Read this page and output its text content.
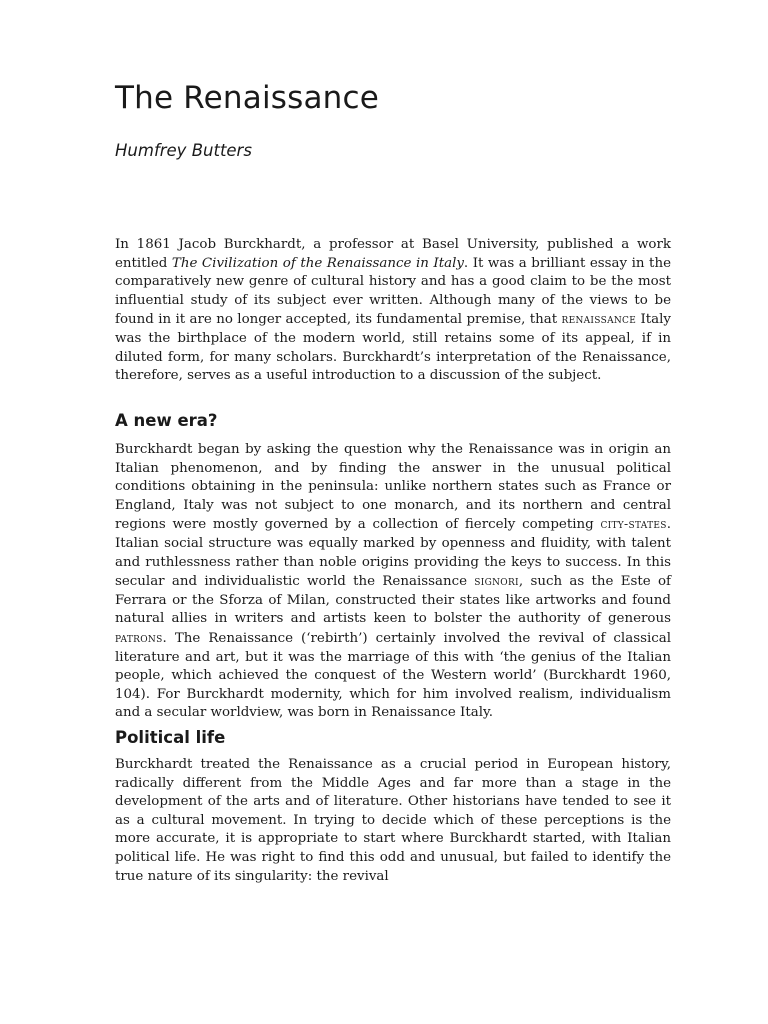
The Renaissance

Humfrey Butters

In 1861 Jacob Burckhardt, a professor at Basel University, published a work entitled The Civilization of the Renaissance in Italy. It was a brilliant essay in the comparatively new genre of cultural history and has a good claim to be the most influential study of its subject ever written. Although many of the views to be found in it are no longer accepted, its fundamental premise, that renaissance Italy was the birthplace of the modern world, still retains some of its appeal, if in diluted form, for many scholars. Burckhardt’s interpretation of the Renaissance, therefore, serves as a useful introduction to a discussion of the subject.

A new era?

Burckhardt began by asking the question why the Renaissance was in origin an Italian phenomenon, and by finding the answer in the unusual political conditions obtaining in the peninsula: unlike northern states such as France or England, Italy was not subject to one monarch, and its northern and central regions were mostly governed by a collection of fiercely competing city-states. Italian social structure was equally marked by openness and fluidity, with talent and ruthlessness rather than noble origins providing the keys to success. In this secular and individualistic world the Renaissance signori, such as the Este of Ferrara or the Sforza of Milan, constructed their states like artworks and found natural allies in writers and artists keen to bolster the authority of generous patrons. The Renaissance (‘rebirth’) certainly involved the revival of classical literature and art, but it was the marriage of this with ‘the genius of the Italian people, which achieved the conquest of the Western world’ (Burckhardt 1960, 104). For Burckhardt modernity, which for him involved realism, individualism and a secular worldview, was born in Renaissance Italy.

Political life

Burckhardt treated the Renaissance as a crucial period in European history, radically different from the Middle Ages and far more than a stage in the development of the arts and of literature. Other historians have tended to see it as a cultural movement. In trying to decide which of these perceptions is the more accurate, it is appropriate to start where Burckhardt started, with Italian political life. He was right to find this odd and unusual, but failed to identify the true nature of its singularity: the revival
